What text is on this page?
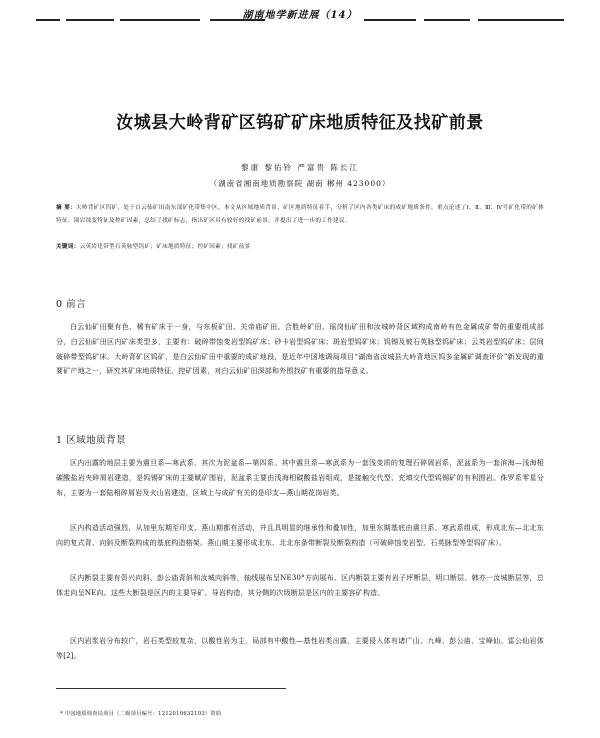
湖南地学新进展（14）
汝城县大岭背矿区钨矿矿床地质特征及找矿前景
黎康 黎佑铃 严富贵 陈长江
（湖南省湘南地质勘察院 湖南 郴州 423000）
摘 要：大岭背矿区钨矿，处于白云仙矿田南东部矿化带集中区，本文从区域地质背景、矿区地质特征着手，分析了区内各类矿床的成矿地质条件，重点论述了Ⅰ、Ⅱ、Ⅲ、Ⅳ号矿化带的矿体特征、围岩蚀变特征及控矿因素，总结了找矿标志，指出矿区具有较好的找矿前景，并提出了进一步的工作建议。
关键词：云英岩化带型石英脉型钨矿；矿床地质特征；控矿因素；找矿前景
0 前言
白云仙矿田聚有色、稀有矿床于一身，与东板矿田、关帝庙矿田、合胜岭矿田、瑶岗仙矿田和汝城岭背区域构成南岭有色金属成矿带的重要组成部分，白云仙矿田区内矿床类型多，主要有：破碎带蚀变岩型钨矿床；砂卡岩型钨矿床；斑岩型钨矿床；钨锡及铍石英脉型钨矿床；云英岩型钨矿床；层间破碎带型钨矿床。大岭背矿区钨矿，是白云仙矿田中重要的成矿地段，是近年中国地调局项目“湖南省汝城县大岭背地区钨多金属矿调查评价”新发现的重要矿产地之一，研究其矿床地质特征、控矿因素，对白云仙矿田深部和外围找矿有重要的指导意义。
1 区域地质背景
区内出露的地层主要为震旦系—寒武系，其次为泥盆系—第四系。其中震旦系—寒武系为一套浅变质的复理石碎屑岩系，泥盆系为一套滨海—浅海相碳酸盐岩夹碎屑岩建造，是钨锡矿床的主要赋矿围岩，泥盆系主要由浅海相碳酸盐岩组成，是接触交代型、充填交代型钨锡矿的有利围岩。侏罗系零星分布，主要为一套陆相碎屑岩及火山岩建造，区域上与成矿有关的是印支—燕山期花岗岩类。
区内构造活动强烈，从加里东期至印支、燕山期都有活动，并且具明显的继承性和叠加性，加里东期基底由震旦系、寒武系组成，形成北东—北北东向的复式背、向斜及断裂构成的基底构造格架。燕山期主要形成北东、北北东条带断裂及断裂构造（可破碎蚀变岩型、石英脉型等型钨矿床）。
区内断裂主要有资兴向斜、彭公庙背斜和汝城向斜等，轴线展布呈NE30°方向展布。区内断裂主要有岩子坪断层，明口断层、韩亦一汝城断层等，总体走向呈NE向。这些大断裂是区内的主要导矿、导岩构造，其分侧的次级断层是区内的主要容矿构造。
区内岩浆岩分布较广，岩石类型较复杂，以酸性岩为主，局部有中酸性—基性岩类出露，主要侵入体有诸广山、九峰、彭公庙、宝峰仙、雷公仙岩体等[2]。
* 中国地质调查局项目（二级项目编号：1212010632103）资助
